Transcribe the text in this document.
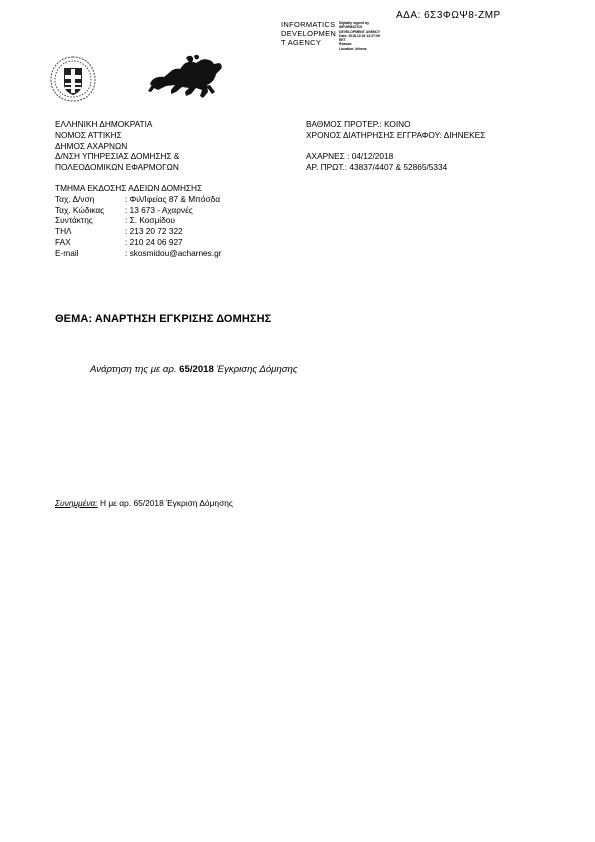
ΑΔΑ: 6Σ3ΦΩΨ8-ΖΜΡ
INFORMATICS
DEVELOPMEN
T AGENCY
Digitally signed by
INFORMATICS
DEVELOPMENT AGENCY
Date: 2018.12.04 12:27:09
EET
Reason:
Location: Athens
ΕΛΛΗΝΙΚΗ ΔΗΜΟΚΡΑΤΙΑ
ΝΟΜΟΣ ΑΤΤΙΚΗΣ
ΔΗΜΟΣ ΑΧΑΡΝΩΝ
Δ/ΝΣΗ ΥΠΗΡΕΣΙΑΣ ΔΟΜΗΣΗΣ &
ΠΟΛΕΟΔΟΜΙΚΩΝ ΕΦΑΡΜΟΓΩΝ
ΒΑΘΜΟΣ ΠΡΟΤΕΡ.: ΚΟΙΝΟ
ΧΡΟΝΟΣ ΔΙΑΤΗΡΗΣΗΣ ΕΓΓΡΑΦΟΥ: ΔΙΗΝΕΚΕΣ
ΑΧΑΡΝΕΣ : 04/12/2018
ΑΡ. ΠΡΩΤ.: 43837/4407 & 52865/5334
ΤΜΗΜΑ ΕΚΔΟΣΗΣ ΑΔΕΙΩΝ ΔΟΜΗΣΗΣ
Ταχ. Δ/νση	: Φιλ/Ιφείας 87 & Μπόσδα
Ταχ. Κώδικας	: 13 673 - Αχαρνές
Συντάκτης	: Σ. Κοσμίδου
ΤΗΛ	: 213 20 72 322
FAX	: 210 24 06 927
E-mail	: skosmidou@acharnes.gr
ΘΕΜΑ: ΑΝΑΡΤΗΣΗ ΕΓΚΡΙΣΗΣ ΔΟΜΗΣΗΣ
Ανάρτηση της με αρ. 65/2018 Έγκρισης Δόμησης
Συνημμένα: Η με αρ. 65/2018 Έγκριση Δόμησης
